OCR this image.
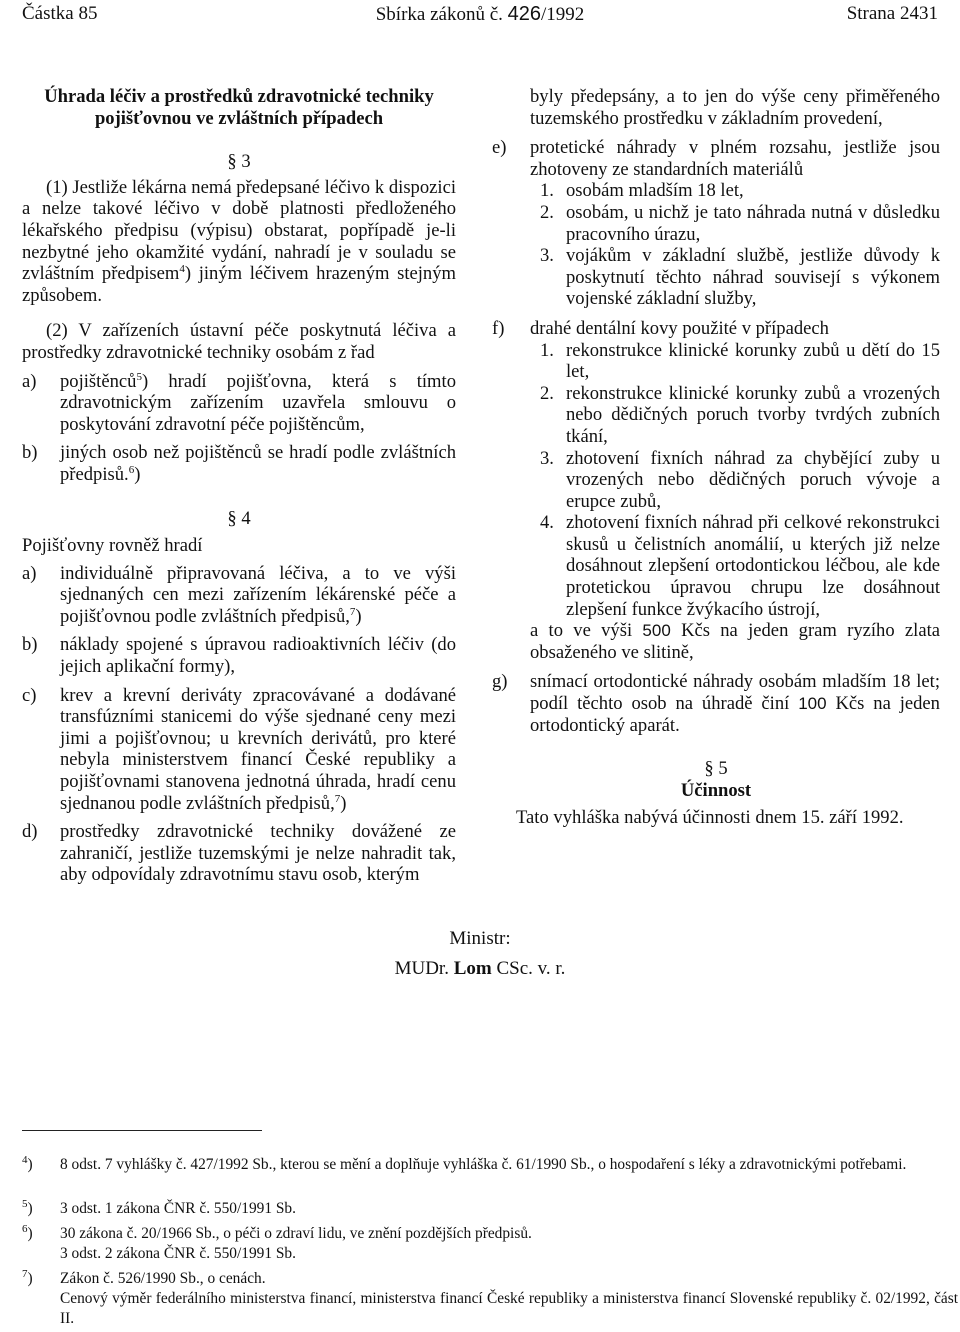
Sbírka zákonů č. 426/1992
Částka 85	Strana 2431

Úhrada léčiv a prostředků zdravotnické techniky

pojišťovnou ve zvláštních případech

§ 3

(1) Jestliže lékárna nemá předepsané léčivo k dispozici a nelze takové léčivo v době platnosti předloženého lékařského předpisu (výpisu) obstarat, popřípadě je-li nezbytné jeho okamžité vydání, nahradí je v souladu se zvláštním předpisem$^4$) jiným léčivem hrazeným stejným způsobem.

(2) V zařízeních ústavní péče poskytnutá léčiva a prostředky zdravotnické techniky osobám z řad

a) pojištěnců$^5$) hradí pojišťovna, která s tímto zdravotnickým zařízením uzavřela smlouvu o poskytování zdravotní péče pojištěncům,

b) jiných osob než pojištěnců se hradí podle zvláštních předpisů.$^6$)

§ 4

Pojišťovny rovněž hradí

a) individuálně připravovaná léčiva, a to ve výši sjednaných cen mezi zařízením lékárenské péče a pojišťovnou podle zvláštních předpisů,$^7$)

b) náklady spojené s úpravou radioaktivních léčiv (do jejich aplikační formy),

c) krev a krevní deriváty zpracovávané a dodávané transfúzními stanicemi do výše sjednané ceny mezi jimi a pojišťovnou; u krevních derivátů, pro které nebyla ministerstvem financí České republiky a pojišťovnami stanovena jednotná úhrada, hradí cenu sjednanou podle zvláštních předpisů,$^7$)

d) prostředky zdravotnické techniky dovážené ze zahraničí, jestliže tuzemskými je nelze nahradit tak, aby odpovídaly zdravotnímu stavu osob, kterým

byly předepsány, a to jen do výše ceny přiměřeného tuzemského prostředku v základním provedení,

e) protetické náhrady v plném rozsahu, jestliže jsou zhotoveny ze standardních materiálů

1. osobám mladším 18 let,

2. osobám, u nichž je tato náhrada nutná v důsledku pracovního úrazu,

3. vojákům v základní službě, jestliže důvody k poskytnutí těchto náhrad souvisejí s výkonem vojenské základní služby,

f) drahé dentální kovy použité v případech

1. rekonstrukce klinické korunky zubů u dětí do 15 let,

2. rekonstrukce klinické korunky zubů a vrozených nebo dědičných poruch tvorby tvrdých zubních tkání,

3. zhotovení fixních náhrad za chybějící zuby u vrozených nebo dědičných poruch vývoje a erupce zubů,

4. zhotovení fixních náhrad při celkové rekonstrukci skusů u čelistních anomálií, u kterých již nelze dosáhnout zlepšení ortodontickou léčbou, ale kde protetickou úpravou chrupu lze dosáhnout zlepšení funkce žvýkacího ústrojí,

a to ve výši 500 Kčs na jeden gram ryzího zlata obsaženého ve slitině,

g) snímací ortodontické náhrady osobám mladším 18 let; podíl těchto osob na úhradě činí 100 Kčs na jeden ortodontický aparát.

§ 5

Účinnost

Tato vyhláška nabývá účinnosti dnem 15. září 1992.

Ministr:
MUDr. Lom CSc. v. r.
$^4$)	8 odst. 7 vyhlášky č. 427/1992 Sb., kterou se mění a doplňuje vyhláška č. 61/1990 Sb., o hospodaření s léky a zdravotnickými potřebami.
$^5$)	3 odst. 1 zákona ČNR č. 550/1991 Sb.
$^6$)	30 zákona č. 20/1966 Sb., o péči o zdraví lidu, ve znění pozdějších předpisů.
3 odst. 2 zákona ČNR č. 550/1991 Sb.
$^7$)	Zákon č. 526/1990 Sb., o cenách.
Cenový výměr federálního ministerstva financí, ministerstva financí České republiky a ministerstva financí Slovenské republiky č. 02/1992, část II.
